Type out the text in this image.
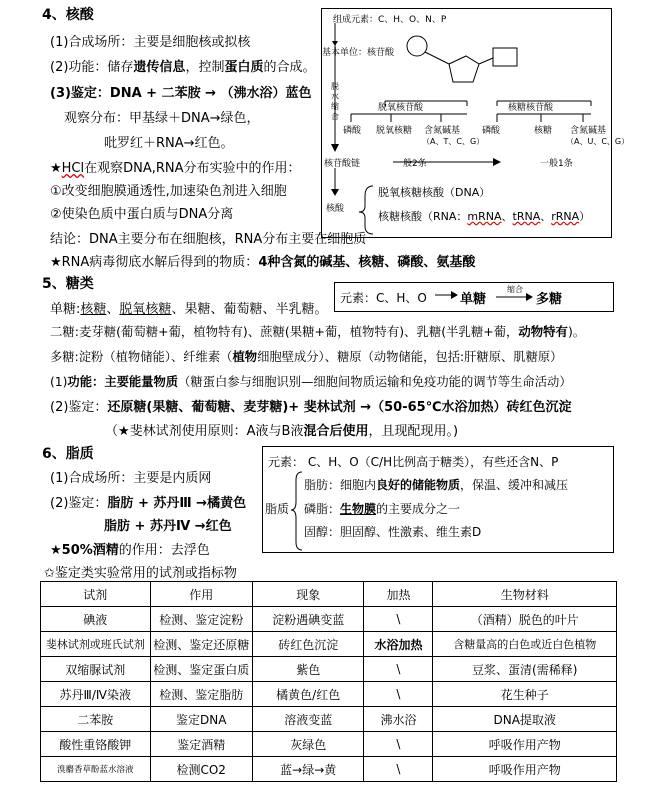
4、核酸
(1)合成场所：主要是细胞核或拟核
(2)功能：储存遗传信息，控制蛋白质的合成。
(3)鉴定：DNA + 二苯胺 → （沸水浴）蓝色
观察分布：甲基绿＋DNA→绿色，
吡罗红＋RNA→红色。
★HCl在观察DNA,RNA分布实验中的作用：
①改变细胞膜通透性,加速染色剂进入细胞
②使染色质中蛋白质与DNA分离
结论：DNA主要分布在细胞核，RNA分布主要在细胞质
★RNA病毒彻底水解后得到的物质：4种含氮的碱基、核糖、磷酸、氨基酸
组成元素：C、H、O、N、P
基本单位：核苷酸
脱
水
缩
合
脱氧核苷酸	核糖核苷酸
磷酸 脱氧核糖 含氮碱基
（A、T、C、G）
磷酸	核糖 含氮碱基
（A、U、C、G）
核苷酸链	一般2条	一般1条
核酸
脱氧核糖核酸（DNA）
核糖核酸（RNA：mRNA、tRNA、rRNA）
5、糖类
元素：C、H、O	单糖
缩合
多糖
单糖:核糖、脱氧核糖、果糖、葡萄糖、半乳糖。
二糖:麦芽糖(葡萄糖+葡，植物特有)、蔗糖(果糖+葡，植物特有)、乳糖(半乳糖+葡，动物特有)。
多糖:淀粉（植物储能）、纤维素（植物细胞壁成分）、糖原（动物储能，包括:肝糖原、肌糖原）
(1)功能：主要能量物质（糖蛋白参与细胞识别—细胞间物质运输和免疫功能的调节等生命活动）
(2)鉴定：还原糖(果糖、葡萄糖、麦芽糖)+ 斐林试剂 →（50-65℃水浴加热）砖红色沉淀
（★斐林试剂使用原则：A液与B液混合后使用，且现配现用。)
6、脂质
(1)合成场所：主要是内质网
(2)鉴定：脂肪 + 苏丹Ⅲ →橘黄色
脂肪 + 苏丹Ⅳ →红色
★50%酒精的作用：去浮色
元素： C、H、O（C/H比例高于糖类），有些还含N、P
脂质
脂肪：细胞内良好的储能物质，保温、缓冲和减压
磷脂：生物膜的主要成分之一
固醇：胆固醇、性激素、维生素D
✩鉴定类实验常用的试剂或指标物
试剂	作用	现象	加热	生物材料
碘液	检测、鉴定淀粉	淀粉遇碘变蓝	\	（酒精）脱色的叶片
斐林试剂或班氏试剂	检测、鉴定还原糖	砖红色沉淀	水浴加热	含糖量高的白色或近白色植物
双缩脲试剂	检测、鉴定蛋白质	紫色	\	豆浆、蛋清(需稀释)
苏丹Ⅲ/Ⅳ染液	检测、鉴定脂肪	橘黄色/红色	\	花生种子
二苯胺	鉴定DNA	溶液变蓝	沸水浴	DNA提取液
酸性重铬酸钾	鉴定酒精	灰绿色	\	呼吸作用产物
溴麝香草酚蓝水溶液	检测CO2	蓝→绿→黄	\	呼吸作用产物
